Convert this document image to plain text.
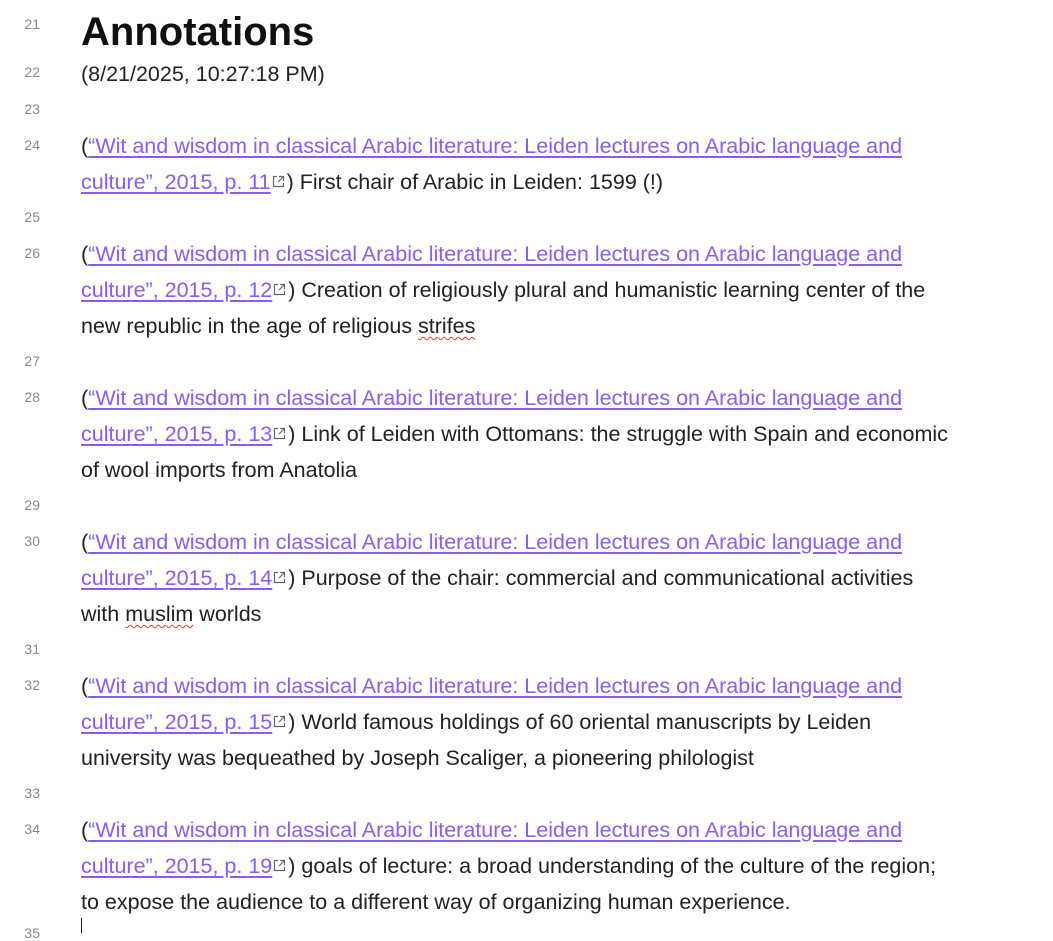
21 Annotations
22 (8/21/2025, 10:27:18 PM)
23
25
27
29
31
33
35
24 (“Wit and wisdom in classical Arabic literature: Leiden lectures on Arabic language and
culture”, 2015, p. 11 ) First chair of Arabic in Leiden: 1599 (!)
26 (“Wit and wisdom in classical Arabic literature: Leiden lectures on Arabic language and
culture”, 2015, p. 12 ) Creation of religiously plural and humanistic learning center of the
new republic in the age of religious strifes
28 (“Wit and wisdom in classical Arabic literature: Leiden lectures on Arabic language and
culture”, 2015, p. 13 ) Link of Leiden with Ottomans: the struggle with Spain and economic
of wool imports from Anatolia
30 (“Wit and wisdom in classical Arabic literature: Leiden lectures on Arabic language and
culture”, 2015, p. 14 ) Purpose of the chair: commercial and communicational activities
with muslim worlds
32 (“Wit and wisdom in classical Arabic literature: Leiden lectures on Arabic language and
culture”, 2015, p. 15 ) World famous holdings of 60 oriental manuscripts by Leiden
university was bequeathed by Joseph Scaliger, a pioneering philologist
34 (“Wit and wisdom in classical Arabic literature: Leiden lectures on Arabic language and
culture”, 2015, p. 19 ) goals of lecture: a broad understanding of the culture of the region;
to expose the audience to a different way of organizing human experience.
